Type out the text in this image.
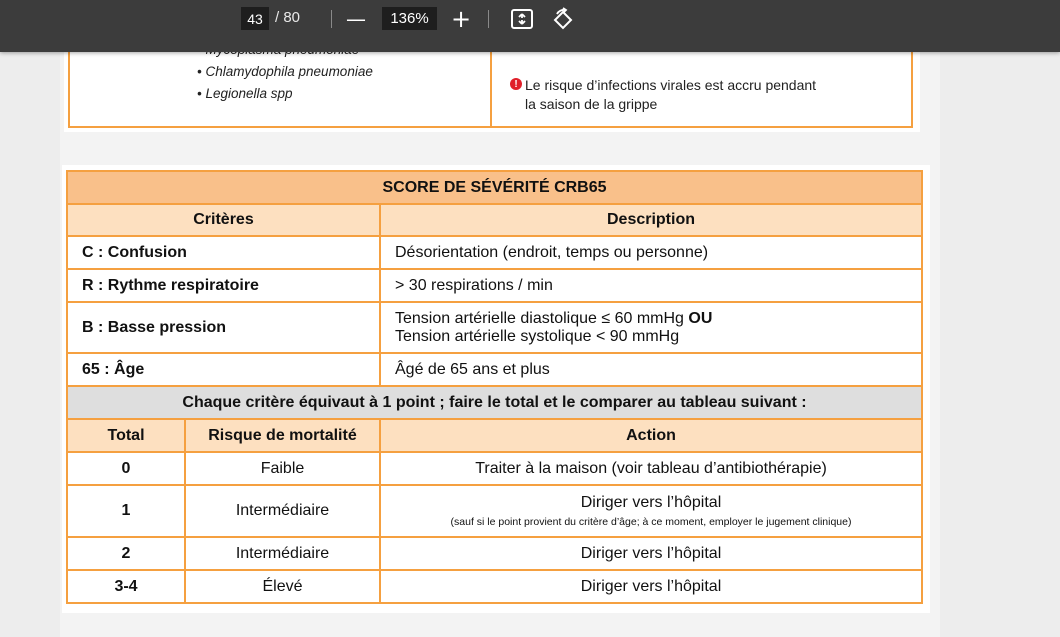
• Chlamydophila pneumoniae
• Legionella spp
! Le risque d’infections virales est accru pendant
la saison de la grippe
43 / 80 —	136% +
SCORE DE SÉVÉRITÉ CRB65		
Critères		Description
C : Confusion		Désorientation (endroit, temps ou personne)
R : Rythme respiratoire		> 30 respirations / min
B : Basse pression		Tension artérielle diastolique ≤ 60 mmHg OU
Tension artérielle systolique < 90 mmHg
65 : Âge		Âgé de 65 ans et plus
Chaque critère équivaut à 1 point ; faire le total et le comparer au tableau suivant :		
Total	Risque de mortalité	Action
0	Faible	Traiter à la maison (voir tableau d’antibiothérapie)
1	Intermédiaire	Diriger vers l’hôpital
(sauf si le point provient du critère d’âge; à ce moment, employer le jugement clinique)

2	Intermédiaire	Diriger vers l’hôpital
3-4	Élevé	Diriger vers l’hôpital
